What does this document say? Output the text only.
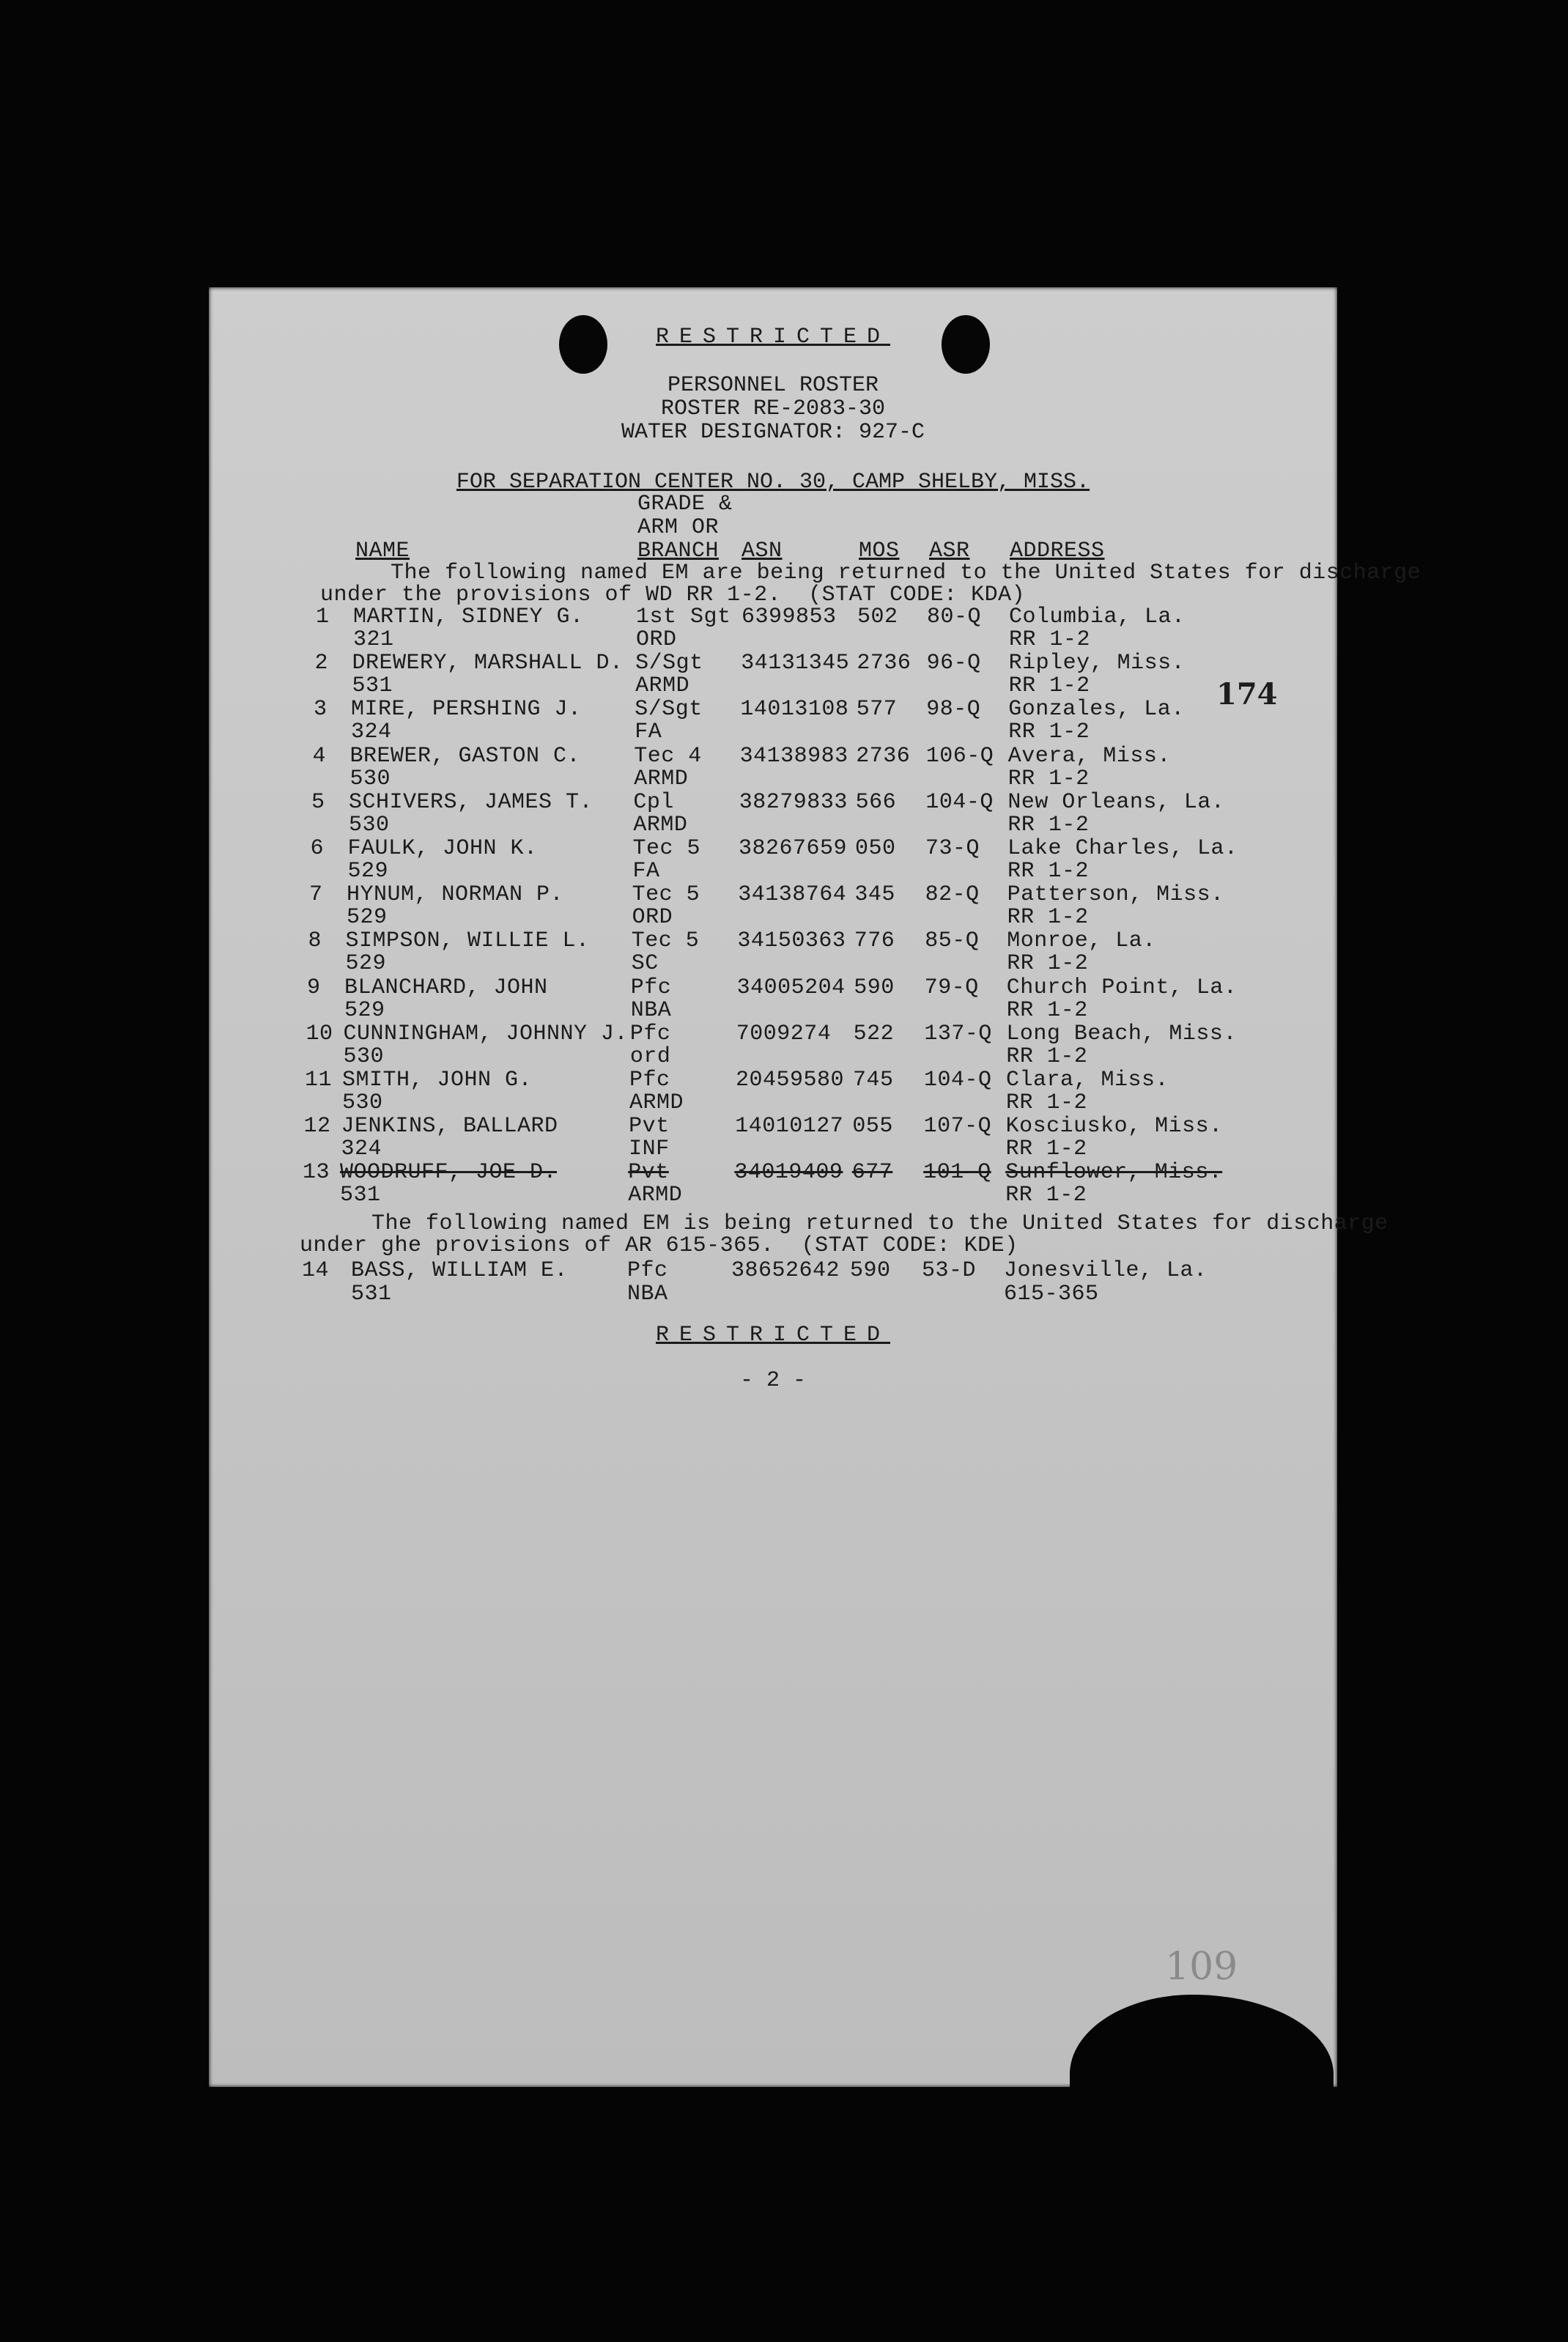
RESTRICTED
PERSONNEL ROSTER
ROSTER RE-2083-30
WATER DESIGNATOR: 927-C
FOR SEPARATION CENTER NO. 30, CAMP SHELBY, MISS.
GRADE &
ARM OR
NAME	BRANCH ASN	MOS ASR ADDRESS
The following named EM are being returned to the United States for discharge
under the provisions of WD RR 1-2.  (STAT CODE: KDA)
1 MARTIN, SIDNEY G.
321
1st Sgt
ORD
6399853 502 80-Q Columbia, La.
RR 1-2
2 DREWERY, MARSHALL D.
531
S/Sgt
ARMD
34131345 2736 96-Q Ripley, Miss.
RR 1-2
3 MIRE, PERSHING J.
324
S/Sgt
FA
14013108 577 98-Q Gonzales, La.
RR 1-2
4 BREWER, GASTON C.
530
Tec 4
ARMD
34138983 2736 106-Q Avera, Miss.
RR 1-2
5 SCHIVERS, JAMES T.
530
Cpl
ARMD
38279833 566 104-Q New Orleans, La.
RR 1-2
6 FAULK, JOHN K.
529
Tec 5
FA
38267659 050 73-Q Lake Charles, La.
RR 1-2
7 HYNUM, NORMAN P.
529
Tec 5
ORD
34138764 345 82-Q Patterson, Miss.
RR 1-2
8 SIMPSON, WILLIE L.
529
Tec 5
SC
34150363 776 85-Q Monroe, La.
RR 1-2
9 BLANCHARD, JOHN
529
Pfc
NBA
34005204 590 79-Q Church Point, La.
RR 1-2
10 CUNNINGHAM, JOHNNY J.
530
Pfc
ord
7009274 522 137-Q Long Beach, Miss.
RR 1-2
11 SMITH, JOHN G.
530
Pfc
ARMD
20459580 745 104-Q Clara, Miss.
RR 1-2
12 JENKINS, BALLARD
324
Pvt
INF
14010127 055 107-Q Kosciusko, Miss.
RR 1-2
13 WOODRUFF, JOE D.
531
Pvt
ARMD
34019409 677 101-Q Sunflower, Miss.
RR 1-2
The following named EM is being returned to the United States for discharge
under ghe provisions of AR 615-365.  (STAT CODE: KDE)
14 BASS, WILLIAM E.
531
Pfc
NBA
38652642 590 53-D Jonesville, La.
615-365
RESTRICTED
- 2 -
174
109
